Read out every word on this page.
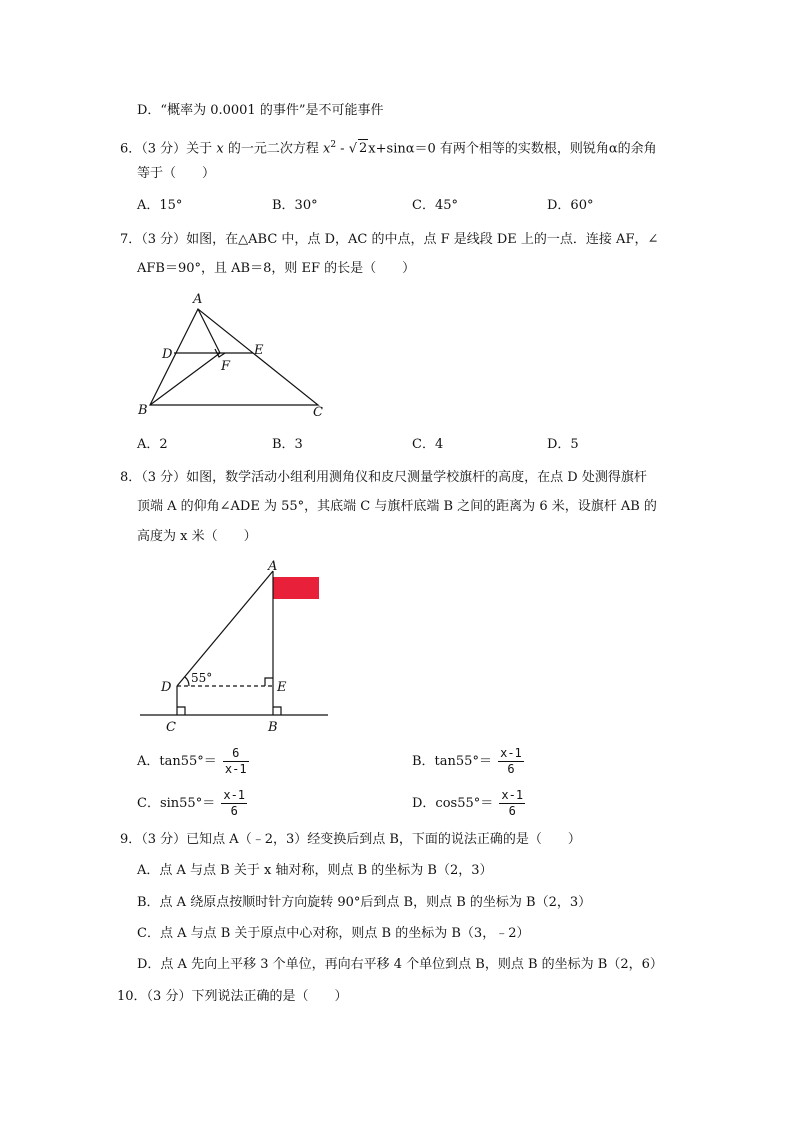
D．“概率为 0.0001 的事件”是不可能事件
6．（3 分）关于 x 的一元二次方程 $x^2$ - √ 2x+sinα＝0 有两个相等的实数根，则锐角α的余角
等于（　　）
A．15°	B．30°	C．45°	D．60°
7．（3 分）如图，在△ABC 中，点 D，AC 的中点，点 F 是线段 DE 上的一点．连接 AF，∠
AFB＝90°，且 AB＝8，则 EF 的长是（　　）
A
D	E
F
B	C
A．2	B．3	C．4	D．5
8．（3 分）如图，数学活动小组利用测角仪和皮尺测量学校旗杆的高度，在点 D 处测得旗杆
顶端 A 的仰角∠ADE 为 55°，其底端 C 与旗杆底端 B 之间的距离为 6 米，设旗杆 AB 的
高度为 x 米（　　）
A
D	E
C	B
55°
A．$\tan 55^\circ= \frac{6}{x-1}$	B．$\tan 55^\circ= \frac{x-1}{6}$
C．$\sin 55^\circ= \frac{x-1}{6}$	D．$\cos 55^\circ= \frac{x-1}{6}$
9．（3 分）已知点 A（﹣2，3）经变换后到点 B，下面的说法正确的是（　　）
A．点 A 与点 B 关于 x 轴对称，则点 B 的坐标为 B（2，3）
B．点 A 绕原点按顺时针方向旋转 90°后到点 B，则点 B 的坐标为 B（2，3）
C．点 A 与点 B 关于原点中心对称，则点 B 的坐标为 B（3，﹣2）
D．点 A 先向上平移 3 个单位，再向右平移 4 个单位到点 B，则点 B 的坐标为 B（2，6）
10．（3 分）下列说法正确的是（　　）
